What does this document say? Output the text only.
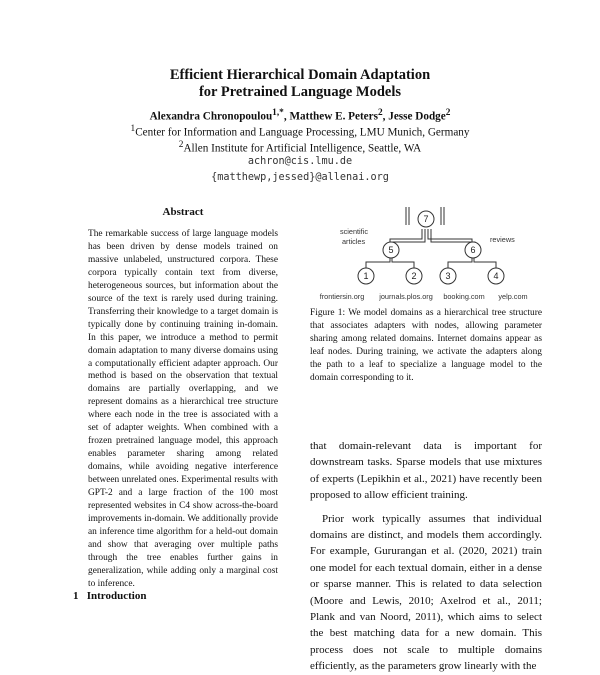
Efficient Hierarchical Domain Adaptation
for Pretrained Language Models
Alexandra Chronopoulou$^{1,*}$, Matthew E. Peters$^2$, Jesse Dodge$^2$
$^1$Center for Information and Language Processing, LMU Munich, Germany
$^2$Allen Institute for Artificial Intelligence, Seattle, WA
achron@cis.lmu.de
{matthewp,jessed}@allenai.org
Abstract
The remarkable success of large language models has been driven by dense models trained on massive unlabeled, unstructured corpora. These corpora typically contain text from diverse, heterogeneous sources, but information about the source of the text is rarely used during training. Transferring their knowledge to a target domain is typically done by continuing training in-domain. In this paper, we introduce a method to permit domain adaptation to many diverse domains using a computationally efficient adapter approach. Our method is based on the observation that textual domains are partially overlapping, and we represent domains as a hierarchical tree structure where each node in the tree is associated with a set of adapter weights. When combined with a frozen pretrained language model, this approach enables parameter sharing among related domains, while avoiding negative interference between unrelated ones. Experimental results with GPT-2 and a large fraction of the 100 most represented websites in C4 show across-the-board improvements in-domain. We additionally provide an inference time algorithm for a held-out domain and show that averaging over multiple paths through the tree enables further gains in generalization, while adding only a marginal cost to inference.
1 Introduction
7
5	6
1	2	3	4
scientific
articles	reviews
frontiersin.org journals.plos.org booking.com yelp.com
Figure 1: We model domains as a hierarchical tree structure that associates adapters with nodes, allowing parameter sharing among related domains. Internet domains appear as leaf nodes. During training, we activate the adapters along the path to a leaf to specialize a language model to the domain corresponding to it.

that domain-relevant data is important for downstream tasks. Sparse models that use mixtures of experts (Lepikhin et al., 2021) have recently been proposed to allow efficient training.

Prior work typically assumes that individual domains are distinct, and models them accordingly. For example, Gururangan et al. (2020, 2021) train one model for each textual domain, either in a dense or sparse manner. This is related to data selection (Moore and Lewis, 2010; Axelrod et al., 2011; Plank and van Noord, 2011), which aims to select the best matching data for a new domain. This process does not scale to multiple domains efficiently, as the parameters grow linearly with the
